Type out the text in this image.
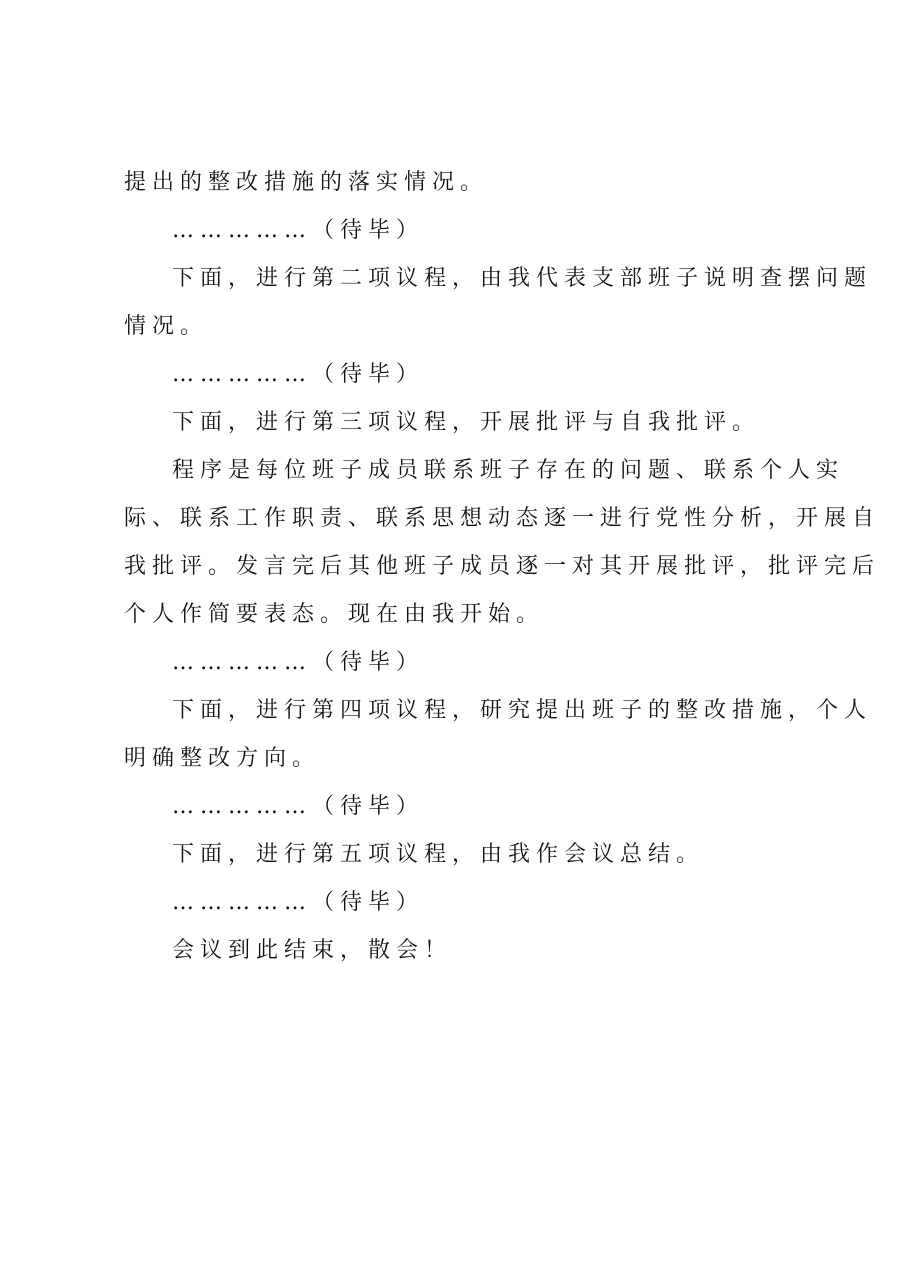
提出的整改措施的落实情况。
……………（待毕）
下面，进行第二项议程，由我代表支部班子说明查摆问题
情况。
……………（待毕）
下面，进行第三项议程，开展批评与自我批评。
程序是每位班子成员联系班子存在的问题、联系个人实
际、联系工作职责、联系思想动态逐一进行党性分析，开展自
我批评。发言完后其他班子成员逐一对其开展批评，批评完后
个人作简要表态。现在由我开始。
……………（待毕）
下面，进行第四项议程，研究提出班子的整改措施，个人
明确整改方向。
……………（待毕）
下面，进行第五项议程，由我作会议总结。
……………（待毕）
会议到此结束，散会！
